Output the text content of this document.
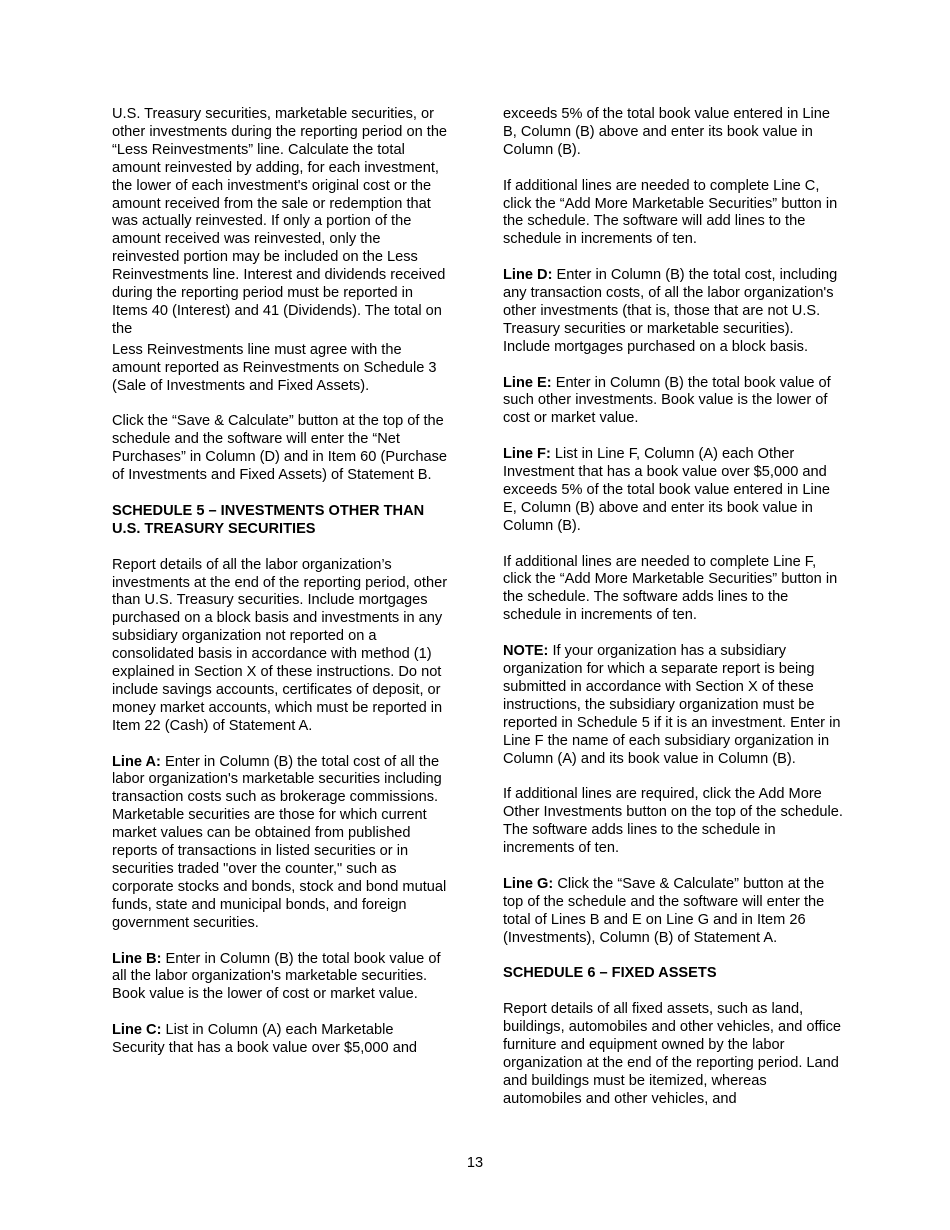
U.S. Treasury securities, marketable securities, or other investments during the reporting period on the “Less Reinvestments” line. Calculate the total amount reinvested by adding, for each investment, the lower of each investment's original cost or the amount received from the sale or redemption that was actually reinvested. If only a portion of the amount received was reinvested, only the reinvested portion may be included on the Less Reinvestments line. Interest and dividends received during the reporting period must be reported in Items 40 (Interest) and 41 (Dividends). The total on the

Less Reinvestments line must agree with the amount reported as Reinvestments on Schedule 3 (Sale of Investments and Fixed Assets).

Click the “Save & Calculate” button at the top of the schedule and the software will enter the “Net Purchases” in Column (D) and in Item 60 (Purchase of Investments and Fixed Assets) of Statement B.

SCHEDULE 5 – INVESTMENTS OTHER THAN U.S. TREASURY SECURITIES

Report details of all the labor organization’s investments at the end of the reporting period, other than U.S. Treasury securities. Include mortgages purchased on a block basis and investments in any subsidiary organization not reported on a consolidated basis in accordance with method (1) explained in Section X of these instructions. Do not include savings accounts, certificates of deposit, or money market accounts, which must be reported in Item 22 (Cash) of Statement A.

Line A: Enter in Column (B) the total cost of all the labor organization's marketable securities including transaction costs such as brokerage commissions. Marketable securities are those for which current market values can be obtained from published reports of transactions in listed securities or in securities traded "over the counter," such as corporate stocks and bonds, stock and bond mutual funds, state and municipal bonds, and foreign government securities.

Line B: Enter in Column (B) the total book value of all the labor organization's marketable securities. Book value is the lower of cost or market value.

Line C: List in Column (A) each Marketable Security that has a book value over $5,000 and

exceeds 5% of the total book value entered in Line B, Column (B) above and enter its book value in Column (B).

If additional lines are needed to complete Line C, click the “Add More Marketable Securities” button in the schedule. The software will add lines to the schedule in increments of ten.

Line D: Enter in Column (B) the total cost, including any transaction costs, of all the labor organization's other investments (that is, those that are not U.S. Treasury securities or marketable securities). Include mortgages purchased on a block basis.

Line E: Enter in Column (B) the total book value of such other investments. Book value is the lower of cost or market value.

Line F: List in Line F, Column (A) each Other Investment that has a book value over $5,000 and exceeds 5% of the total book value entered in Line E, Column (B) above and enter its book value in Column (B).

If additional lines are needed to complete Line F, click the “Add More Marketable Securities” button in the schedule. The software adds lines to the schedule in increments of ten.

NOTE: If your organization has a subsidiary organization for which a separate report is being submitted in accordance with Section X of these instructions, the subsidiary organization must be reported in Schedule 5 if it is an investment. Enter in Line F the name of each subsidiary organization in Column (A) and its book value in Column (B).

If additional lines are required, click the Add More Other Investments button on the top of the schedule. The software adds lines to the schedule in increments of ten.

Line G: Click the “Save & Calculate” button at the top of the schedule and the software will enter the total of Lines B and E on Line G and in Item 26 (Investments), Column (B) of Statement A.

SCHEDULE 6 – FIXED ASSETS

Report details of all fixed assets, such as land, buildings, automobiles and other vehicles, and office furniture and equipment owned by the labor organization at the end of the reporting period. Land and buildings must be itemized, whereas automobiles and other vehicles, and

13
